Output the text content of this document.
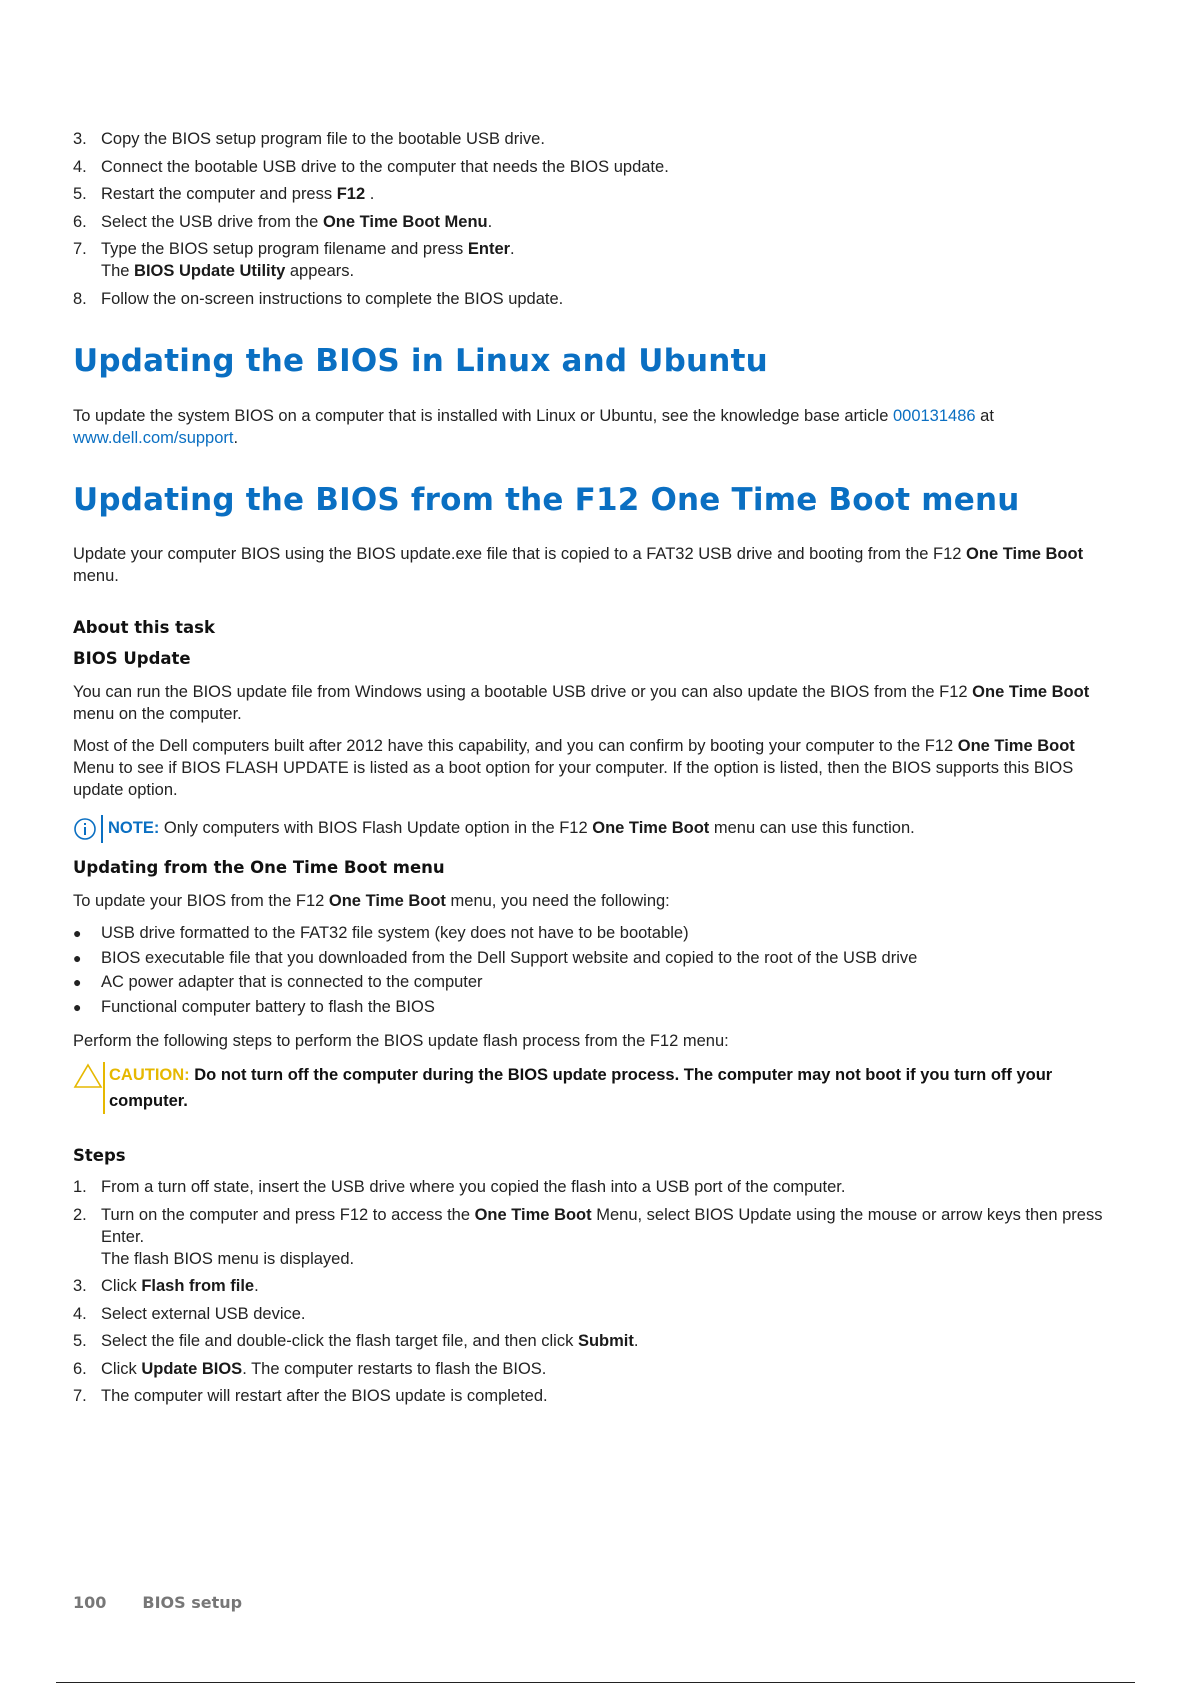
3. Copy the BIOS setup program file to the bootable USB drive.
4. Connect the bootable USB drive to the computer that needs the BIOS update.
5. Restart the computer and press F12 .
6. Select the USB drive from the One Time Boot Menu.
7. Type the BIOS setup program filename and press Enter.
The BIOS Update Utility appears.
8. Follow the on-screen instructions to complete the BIOS update.
Updating the BIOS in Linux and Ubuntu

To update the system BIOS on a computer that is installed with Linux or Ubuntu, see the knowledge base article 000131486 at
www.dell.com/support.

Updating the BIOS from the F12 One Time Boot menu

Update your computer BIOS using the BIOS update.exe file that is copied to a FAT32 USB drive and booting from the F12 One Time Boot menu.

About this task
BIOS Update

You can run the BIOS update file from Windows using a bootable USB drive or you can also update the BIOS from the F12 One Time Boot menu on the computer.

Most of the Dell computers built after 2012 have this capability, and you can confirm by booting your computer to the F12 One Time Boot Menu to see if BIOS FLASH UPDATE is listed as a boot option for your computer. If the option is listed, then the BIOS supports this BIOS update option.

NOTE: Only computers with BIOS Flash Update option in the F12 One Time Boot menu can use this function.

Updating from the One Time Boot menu

To update your BIOS from the F12 One Time Boot menu, you need the following:

●	USB drive formatted to the FAT32 file system (key does not have to be bootable)
●	BIOS executable file that you downloaded from the Dell Support website and copied to the root of the USB drive
●	AC power adapter that is connected to the computer
●	Functional computer battery to flash the BIOS

Perform the following steps to perform the BIOS update flash process from the F12 menu:

CAUTION: Do not turn off the computer during the BIOS update process. The computer may not boot if you turn off your computer.

Steps
1. From a turn off state, insert the USB drive where you copied the flash into a USB port of the computer.
2. Turn on the computer and press F12 to access the One Time Boot Menu, select BIOS Update using the mouse or arrow keys then press Enter.
The flash BIOS menu is displayed.
3. Click Flash from file.
4. Select external USB device.
5. Select the file and double-click the flash target file, and then click Submit.
6. Click Update BIOS. The computer restarts to flash the BIOS.
7. The computer will restart after the BIOS update is completed.
100 BIOS setup
